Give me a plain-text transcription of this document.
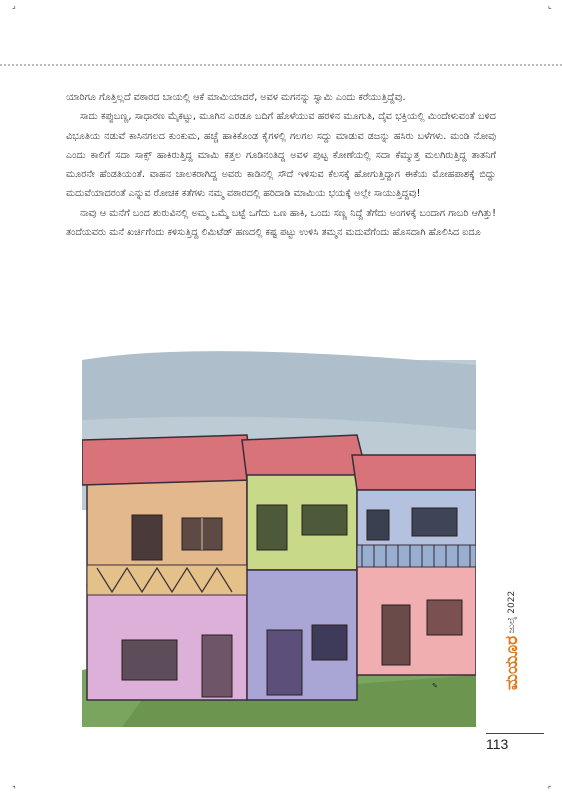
⌟	⌞
⌝	⌜

ಯಾರಿಗೂ ಗೊತ್ತಿಲ್ಲದೆ ವಠಾರದ ಬಾಯಲ್ಲಿ ಆಕೆ ಮಾಮಿಯಾದರೆ, ಅವಳ ಮಗನನ್ನು ಸ್ವಾಮಿ ಎಂದು ಕರೆಯುತ್ತಿದ್ದೆವು.

ಸಾದು ಕಪ್ಪುಬಣ್ಣ, ಸಾಧಾರಣ ಮೈಕಟ್ಟು, ಮೂಗಿನ ಎರಡೂ ಬದಿಗೆ ಹೊಳೆಯುವ ಹರಳಿನ ಮೂಗುತಿ, ದೈವ ಭಕ್ತಿಯಲ್ಲಿ ಮಿಂದೇಳುವಂತೆ ಬಳಿದ ವಿಭೂತಿಯ ನಡುವೆ ಕಾಸಿನಗಲದ ಕುಂಕುಮ, ಹಚ್ಚೆ ಹಾಕಿಕೊಂಡ ಕೈಗಳಲ್ಲಿ ಗಲಗಲ ಸದ್ದು ಮಾಡುವ ಡಜನ್ನು ಹಸಿರು ಬಳೆಗಳು. ಮಂಡಿ ನೋವು ಎಂದು ಕಾಲಿಗೆ ಸದಾ ಸಾಕ್ಸ್ ಹಾಕಿರುತ್ತಿದ್ದ ಮಾಮಿ ಕತ್ತಲ ಗೂಡಿನಂತಿದ್ದ ಅವಳ ಪುಟ್ಟ ಕೋಣೆಯಲ್ಲಿ ಸದಾ ಕೆಮ್ಮುತ್ತ ಮಲಗಿರುತ್ತಿದ್ದ ತಾತನಿಗೆ ಮೂರನೇ ಹೆಂಡತಿಯಂತೆ. ವಾಹನ ಚಾಲಕರಾಗಿದ್ದ ಅವರು ಕಾಡಿನಲ್ಲಿ ಸೌದೆ ಇಳಿಸುವ ಕೆಲಸಕ್ಕೆ ಹೋಗುತ್ತಿದ್ದಾಗ ಈಕೆಯ ಮೋಹಪಾಶಕ್ಕೆ ಬಿದ್ದು ಮದುವೆಯಾದರಂತೆ ಎನ್ನುವ ರೋಚಕ ಕತೆಗಳು ನಮ್ಮ ವಠಾರದಲ್ಲಿ ಹರಿದಾಡಿ ಮಾಮಿಯ ಭಯಕ್ಕೆ ಅಲ್ಲೇ ಸಾಯುತ್ತಿದ್ದವು!

ನಾವು ಆ ಮನೆಗೆ ಬಂದ ಶುರುವಿನಲ್ಲಿ ಅಮ್ಮ ಒಮ್ಮೆ ಬಟ್ಟೆ ಒಗೆದು ಒಣ ಹಾಕಿ, ಒಂದು ಸಣ್ಣ ನಿದ್ದೆ ತೆಗೆದು ಅಂಗಳಕ್ಕೆ ಬಂದಾಗ ಗಾಬರಿ ಆಗಿತ್ತು! ತಂದೆಯವರು ಮನೆ ಖರ್ಚಿಗೆಂದು ಕಳಿಸುತ್ತಿದ್ದ ಲಿಮಿಟೆಡ್ ಹಣದಲ್ಲಿ ಕಷ್ಟ ಪಟ್ಟು ಉಳಿಸಿ ತಮ್ಮನ ಮದುವೆಗೆಂದು ಹೊಸದಾಗಿ ಹೊಲಿಸಿದ ಐದೂ

✎
ಜುಲೈ 2022
ಮಯೂರ
113
